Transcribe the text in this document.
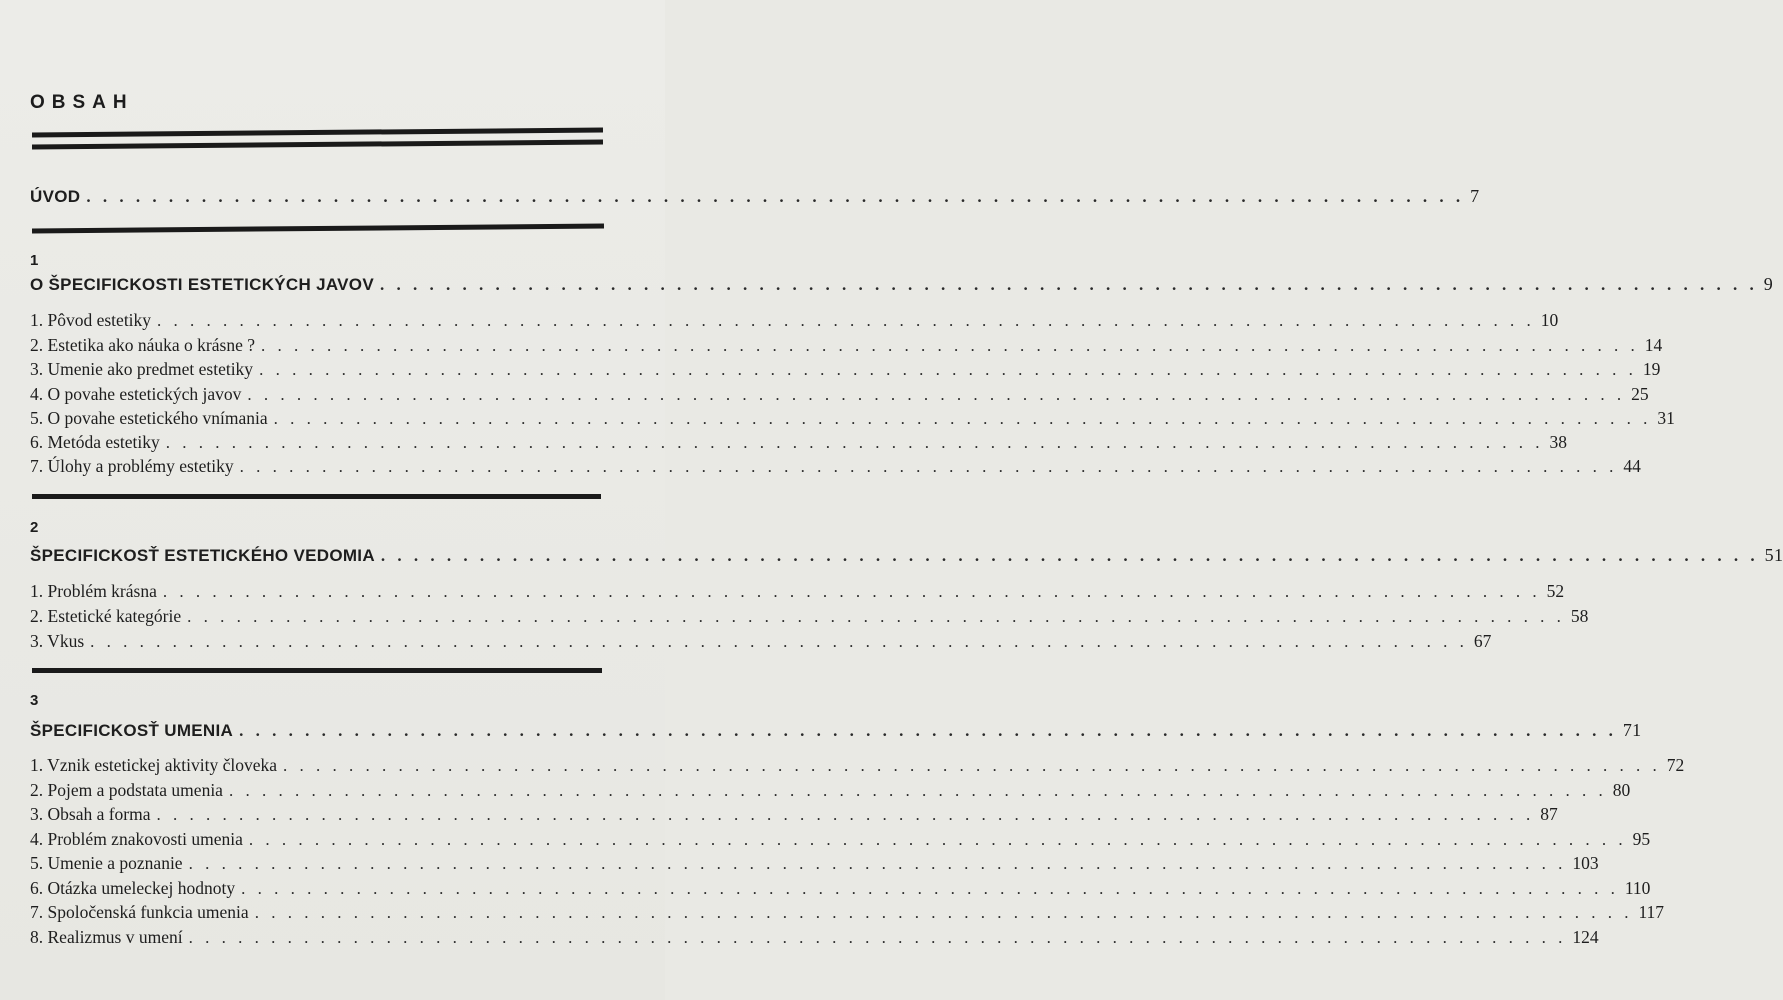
OBSAH
ÚVOD . . . . . . . . . . . . . . . . . . . . . . . . . . . . . . . . . . . . . . . . . . . . . . . . . . . . . . . . . . . . . . . . . . . . . . . . . . . . . . . . . . . . 7
1
O ŠPECIFICKOSTI ESTETICKÝCH JAVOV . . . . . . . . . . . . . . . . . . . . . . . . . . . . . . . . . . . . . . . . . . . . . . . . . . . . . . . . . . . . . . . . . . . . . . . . . . . . . . . . . . . . 9
1. Pôvod estetiky . . . . . . . . . . . . . . . . . . . . . . . . . . . . . . . . . . . . . . . . . . . . . . . . . . . . . . . . . . . . . . . . . . . . . . . . . . . . . . . . . . . . 10
2. Estetika ako náuka o krásne ? . . . . . . . . . . . . . . . . . . . . . . . . . . . . . . . . . . . . . . . . . . . . . . . . . . . . . . . . . . . . . . . . . . . . . . . . . . . . . . . . . . . . 14
3. Umenie ako predmet estetiky . . . . . . . . . . . . . . . . . . . . . . . . . . . . . . . . . . . . . . . . . . . . . . . . . . . . . . . . . . . . . . . . . . . . . . . . . . . . . . . . . . . . 19
4. O povahe estetických javov . . . . . . . . . . . . . . . . . . . . . . . . . . . . . . . . . . . . . . . . . . . . . . . . . . . . . . . . . . . . . . . . . . . . . . . . . . . . . . . . . . . . 25
5. O povahe estetického vnímania . . . . . . . . . . . . . . . . . . . . . . . . . . . . . . . . . . . . . . . . . . . . . . . . . . . . . . . . . . . . . . . . . . . . . . . . . . . . . . . . . . . . 31
6. Metóda estetiky . . . . . . . . . . . . . . . . . . . . . . . . . . . . . . . . . . . . . . . . . . . . . . . . . . . . . . . . . . . . . . . . . . . . . . . . . . . . . . . . . . . . 38
7. Úlohy a problémy estetiky . . . . . . . . . . . . . . . . . . . . . . . . . . . . . . . . . . . . . . . . . . . . . . . . . . . . . . . . . . . . . . . . . . . . . . . . . . . . . . . . . . . . 44
2
ŠPECIFICKOSŤ ESTETICKÉHO VEDOMIA . . . . . . . . . . . . . . . . . . . . . . . . . . . . . . . . . . . . . . . . . . . . . . . . . . . . . . . . . . . . . . . . . . . . . . . . . . . . . . . . . . . . 51
1. Problém krásna . . . . . . . . . . . . . . . . . . . . . . . . . . . . . . . . . . . . . . . . . . . . . . . . . . . . . . . . . . . . . . . . . . . . . . . . . . . . . . . . . . . . 52
2. Estetické kategórie . . . . . . . . . . . . . . . . . . . . . . . . . . . . . . . . . . . . . . . . . . . . . . . . . . . . . . . . . . . . . . . . . . . . . . . . . . . . . . . . . . . . 58
3. Vkus . . . . . . . . . . . . . . . . . . . . . . . . . . . . . . . . . . . . . . . . . . . . . . . . . . . . . . . . . . . . . . . . . . . . . . . . . . . . . . . . . . . . 67
3
ŠPECIFICKOSŤ UMENIA . . . . . . . . . . . . . . . . . . . . . . . . . . . . . . . . . . . . . . . . . . . . . . . . . . . . . . . . . . . . . . . . . . . . . . . . . . . . . . . . . . . . 71
1. Vznik estetickej aktivity človeka . . . . . . . . . . . . . . . . . . . . . . . . . . . . . . . . . . . . . . . . . . . . . . . . . . . . . . . . . . . . . . . . . . . . . . . . . . . . . . . . . . . . 72
2. Pojem a podstata umenia . . . . . . . . . . . . . . . . . . . . . . . . . . . . . . . . . . . . . . . . . . . . . . . . . . . . . . . . . . . . . . . . . . . . . . . . . . . . . . . . . . . . 80
3. Obsah a forma . . . . . . . . . . . . . . . . . . . . . . . . . . . . . . . . . . . . . . . . . . . . . . . . . . . . . . . . . . . . . . . . . . . . . . . . . . . . . . . . . . . . 87
4. Problém znakovosti umenia . . . . . . . . . . . . . . . . . . . . . . . . . . . . . . . . . . . . . . . . . . . . . . . . . . . . . . . . . . . . . . . . . . . . . . . . . . . . . . . . . . . . 95
5. Umenie a poznanie . . . . . . . . . . . . . . . . . . . . . . . . . . . . . . . . . . . . . . . . . . . . . . . . . . . . . . . . . . . . . . . . . . . . . . . . . . . . . . . . . . . . 103
6. Otázka umeleckej hodnoty . . . . . . . . . . . . . . . . . . . . . . . . . . . . . . . . . . . . . . . . . . . . . . . . . . . . . . . . . . . . . . . . . . . . . . . . . . . . . . . . . . . . 110
7. Spoločenská funkcia umenia . . . . . . . . . . . . . . . . . . . . . . . . . . . . . . . . . . . . . . . . . . . . . . . . . . . . . . . . . . . . . . . . . . . . . . . . . . . . . . . . . . . . 117
8. Realizmus v umení . . . . . . . . . . . . . . . . . . . . . . . . . . . . . . . . . . . . . . . . . . . . . . . . . . . . . . . . . . . . . . . . . . . . . . . . . . . . . . . . . . . . 124
